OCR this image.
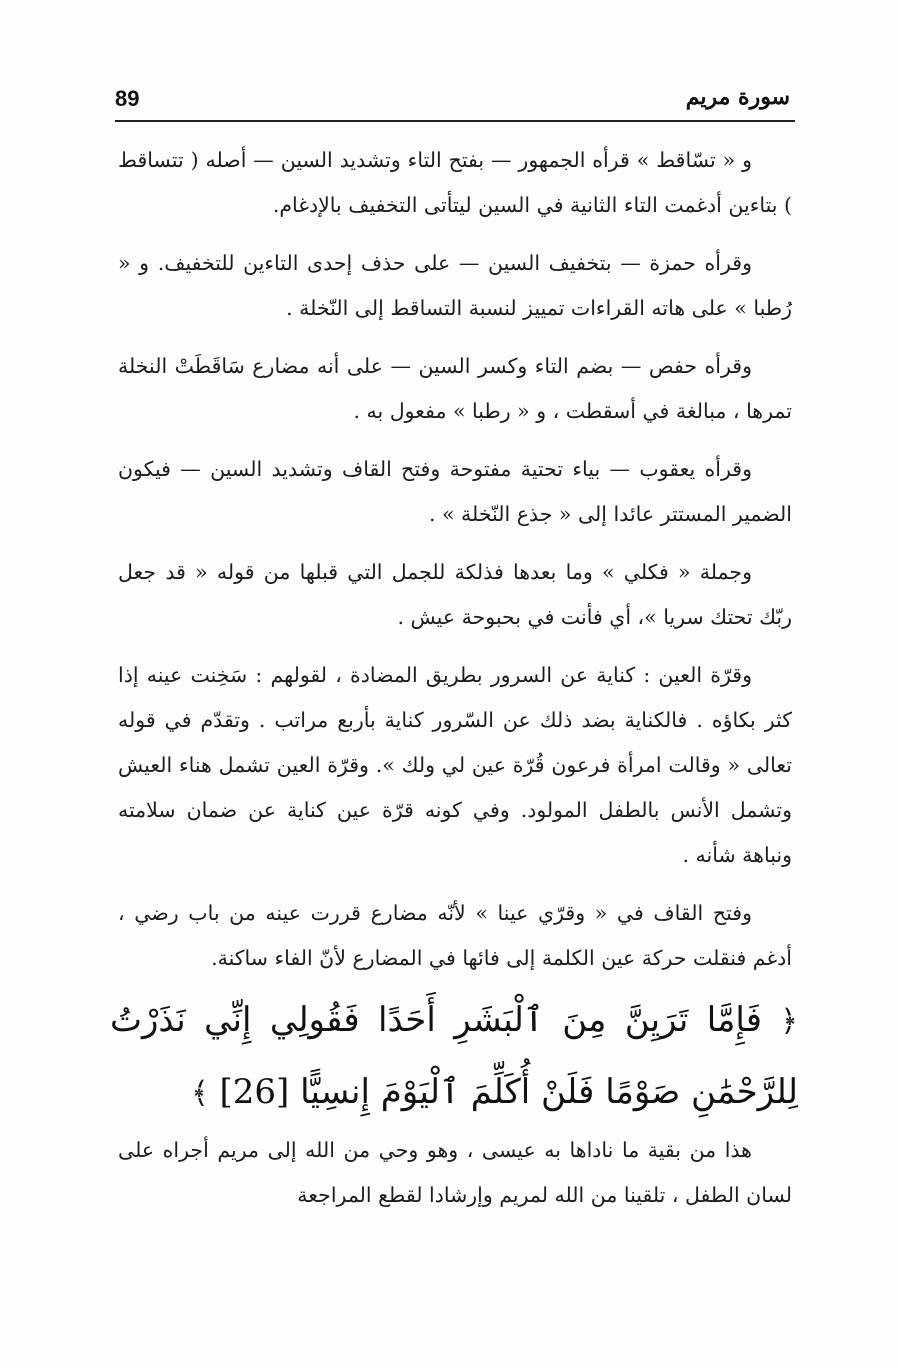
89	سورة مريم

و « تسّاقط » قرأه الجمهور — بفتح التاء وتشديد السين — أصله ( تتساقط ) بتاءين أدغمت التاء الثانية في السين ليتأتى التخفيف بالإدغام.

وقرأه حمزة — بتخفيف السين — على حذف إحدى التاءين للتخفيف. و « رُطبا » على هاته القراءات تمييز لنسبة التساقط إلى النّخلة .

وقرأه حفص — بضم التاء وكسر السين — على أنه مضارع سَاقَطَتْ النخلة تمرها ، مبالغة في أسقطت ، و « رطبا » مفعول به .

وقرأه يعقوب — بياء تحتية مفتوحة وفتح القاف وتشديد السين — فيكون الضمير المستتر عائدا إلى « جذع النّخلة » .

وجملة « فكلي » وما بعدها فذلكة للجمل التي قبلها من قوله « قد جعل ربّك تحتك سريا »، أي فأنت في بحبوحة عيش .

وقرّة العين : كناية عن السرور بطريق المضادة ، لقولهم : سَخِنت عينه إذا كثر بكاؤه . فالكناية بضد ذلك عن السّرور كناية بأربع مراتب . وتقدّم في قوله تعالى « وقالت امرأة فرعون قُرّة عين لي ولك ». وقرّة العين تشمل هناء العيش وتشمل الأنس بالطفل المولود. وفي كونه قرّة عين كناية عن ضمان سلامته ونباهة شأنه .

وفتح القاف في « وقرّي عينا » لأنّه مضارع قررت عينه من باب رضي ، أدغم فنقلت حركة عين الكلمة إلى فائها في المضارع لأنّ الفاء ساكنة.

﴿ فَإِمَّا تَرَيِنَّ مِنَ ٱلْبَشَرِ أَحَدًا فَقُولِي إِنِّي نَذَرْتُ لِلرَّحْمَٰنِ صَوْمًا فَلَنْ أُكَلِّمَ ٱلْيَوْمَ إِنسِيًّا [26] ﴾

هذا من بقية ما ناداها به عيسى ، وهو وحي من الله إلى مريم أجراه على لسان الطفل ، تلقينا من الله لمريم وإرشادا لقطع المراجعة
